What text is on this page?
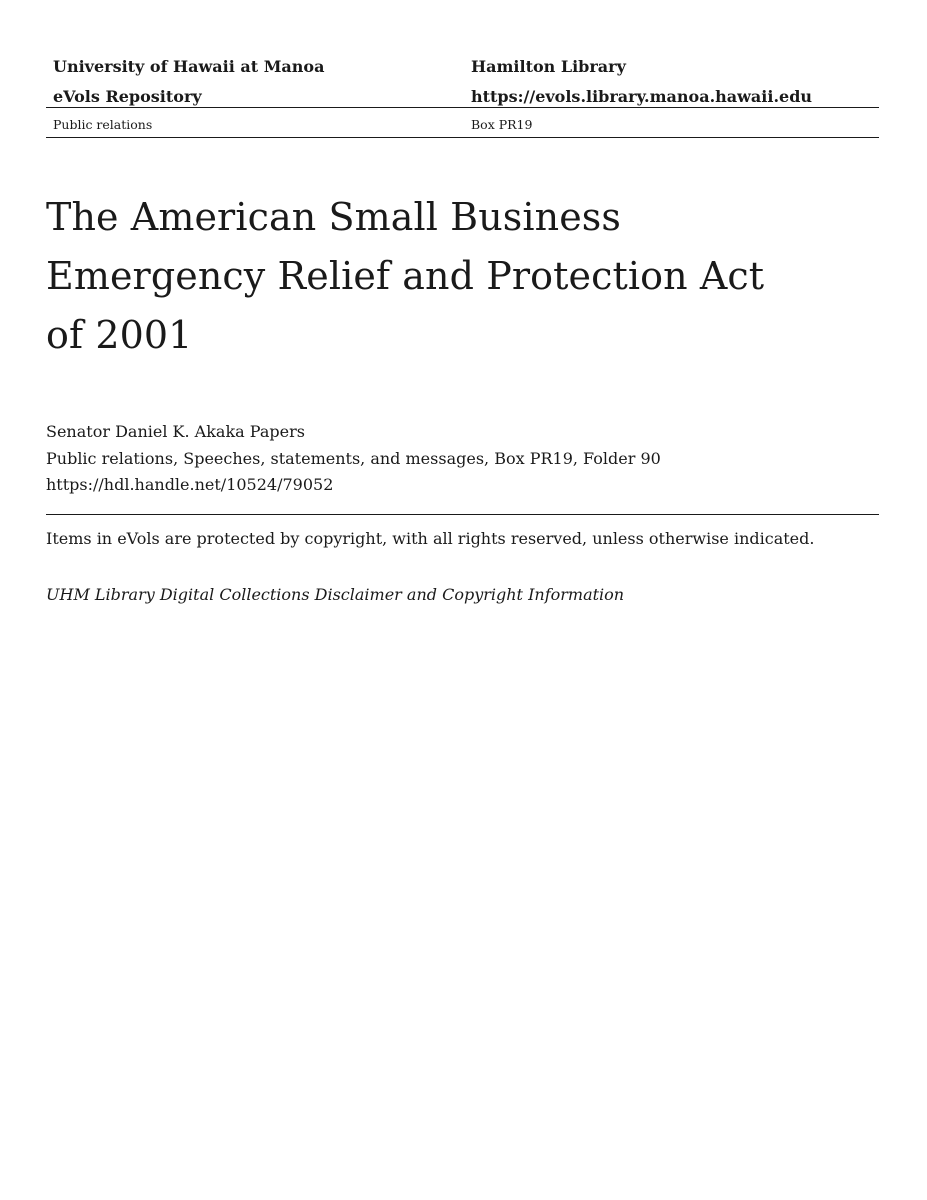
University of Hawaii at Manoa	Hamilton Library
eVols Repository	https://evols.library.manoa.hawaii.edu
Public relations	Box PR19
The American Small Business
Emergency Relief and Protection Act
of 2001
Senator Daniel K. Akaka Papers
Public relations, Speeches, statements, and messages, Box PR19, Folder 90
https://hdl.handle.net/10524/79052
Items in eVols are protected by copyright, with all rights reserved, unless otherwise indicated.
UHM Library Digital Collections Disclaimer and Copyright Information
